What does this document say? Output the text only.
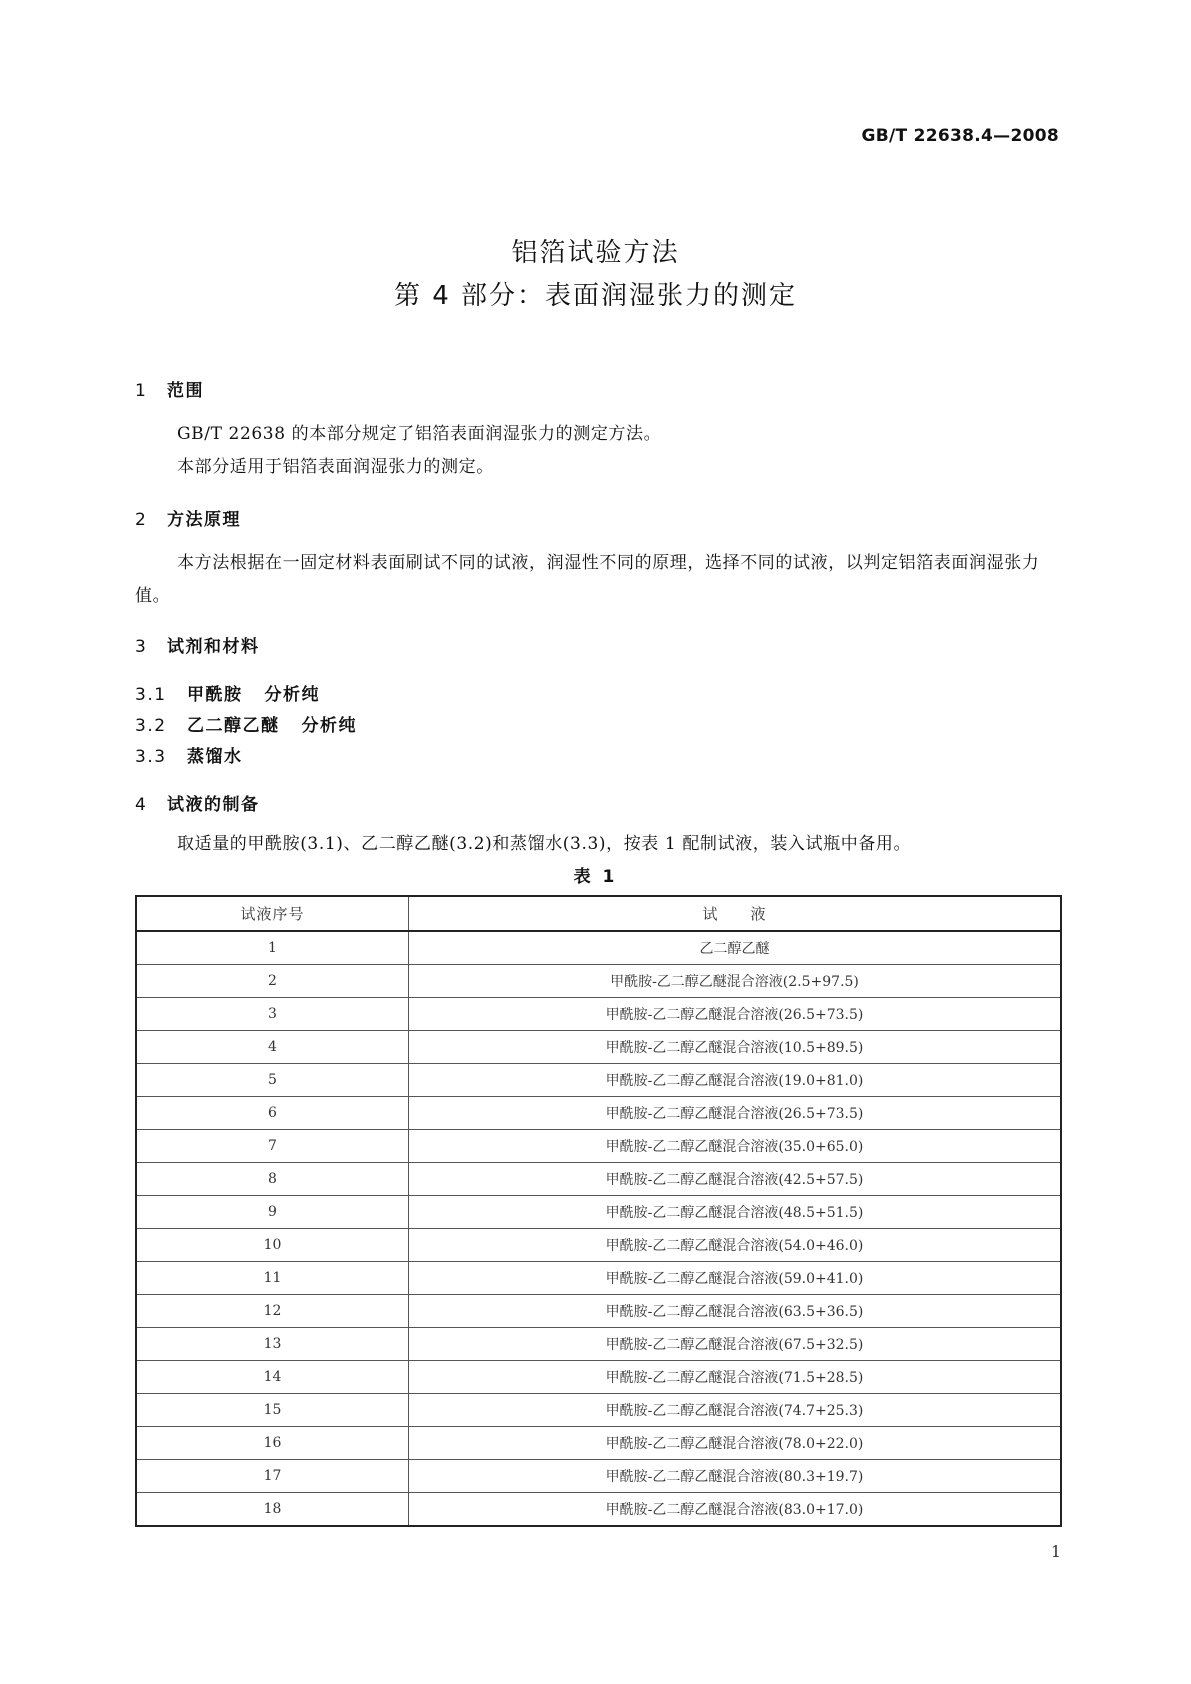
GB/T 22638.4—2008
铝箔试验方法
第 4 部分：表面润湿张力的测定
1 范围

GB/T 22638 的本部分规定了铝箔表面润湿张力的测定方法。

本部分适用于铝箔表面润湿张力的测定。

2 方法原理

本方法根据在一固定材料表面刷试不同的试液，润湿性不同的原理，选择不同的试液，以判定铝箔表面润湿张力值。

3 试剂和材料
3.1 甲酰胺 分析纯
3.2 乙二醇乙醚 分析纯
3.3 蒸馏水
4 试液的制备

取适量的甲酰胺(3.1)、乙二醇乙醚(3.2)和蒸馏水(3.3)，按表 1 配制试液，装入试瓶中备用。

表 1
试液序号	试　　液
1	乙二醇乙醚
2	甲酰胺-乙二醇乙醚混合溶液(2.5+97.5)
3	甲酰胺-乙二醇乙醚混合溶液(26.5+73.5)
4	甲酰胺-乙二醇乙醚混合溶液(10.5+89.5)
5	甲酰胺-乙二醇乙醚混合溶液(19.0+81.0)
6	甲酰胺-乙二醇乙醚混合溶液(26.5+73.5)
7	甲酰胺-乙二醇乙醚混合溶液(35.0+65.0)
8	甲酰胺-乙二醇乙醚混合溶液(42.5+57.5)
9	甲酰胺-乙二醇乙醚混合溶液(48.5+51.5)
10	甲酰胺-乙二醇乙醚混合溶液(54.0+46.0)
11	甲酰胺-乙二醇乙醚混合溶液(59.0+41.0)
12	甲酰胺-乙二醇乙醚混合溶液(63.5+36.5)
13	甲酰胺-乙二醇乙醚混合溶液(67.5+32.5)
14	甲酰胺-乙二醇乙醚混合溶液(71.5+28.5)
15	甲酰胺-乙二醇乙醚混合溶液(74.7+25.3)
16	甲酰胺-乙二醇乙醚混合溶液(78.0+22.0)
17	甲酰胺-乙二醇乙醚混合溶液(80.3+19.7)
18	甲酰胺-乙二醇乙醚混合溶液(83.0+17.0)
1
